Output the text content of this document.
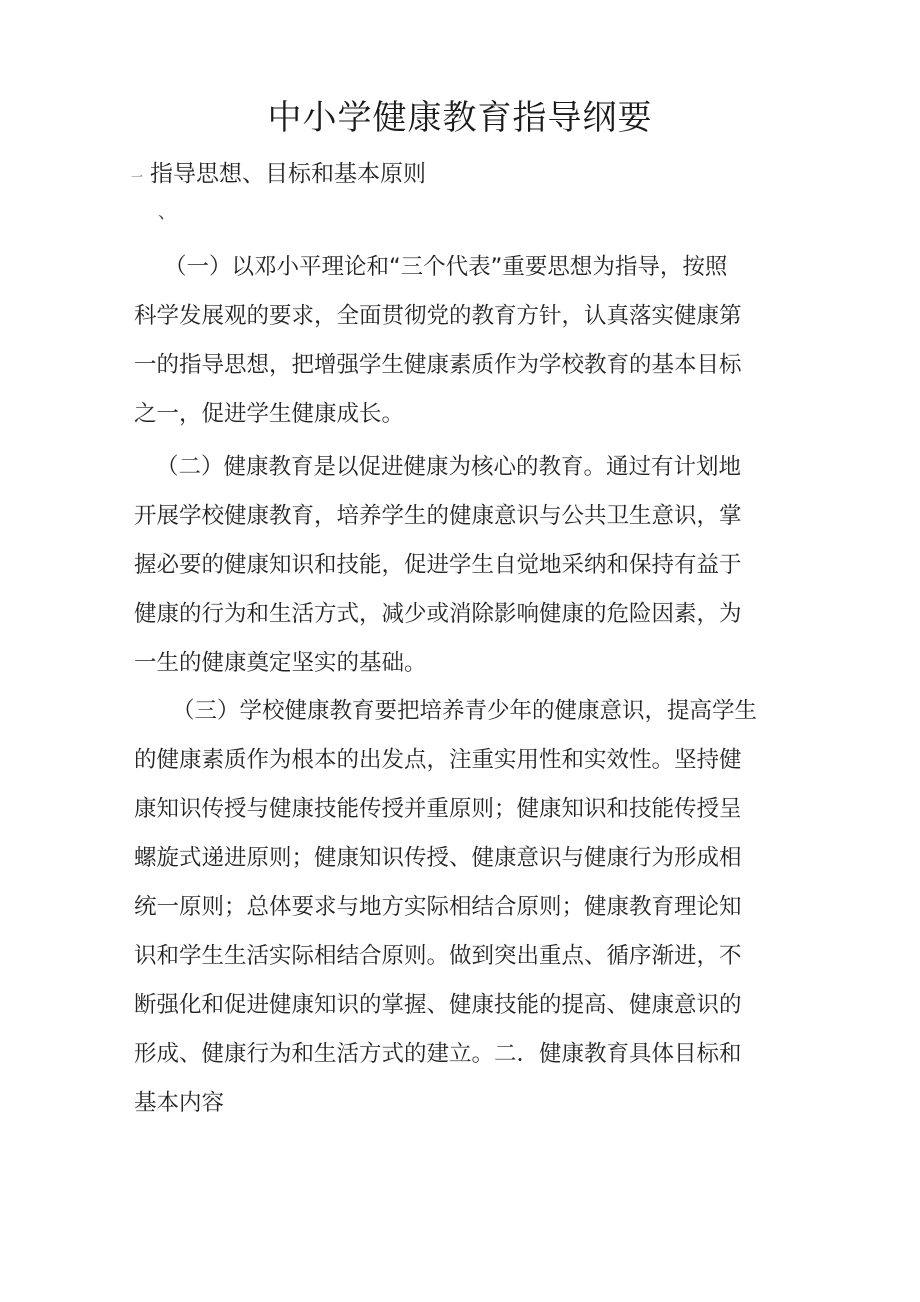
中小学健康教育指导纲要
一 指导思想、目标和基本原则
、
（一）以邓小平理论和“三个代表”重要思想为指导，按照
科学发展观的要求，全面贯彻党的教育方针，认真落实健康第
一的指导思想，把增强学生健康素质作为学校教育的基本目标
之一，促进学生健康成长。
（二）健康教育是以促进健康为核心的教育。通过有计划地
开展学校健康教育，培养学生的健康意识与公共卫生意识，掌
握必要的健康知识和技能，促进学生自觉地采纳和保持有益于
健康的行为和生活方式，减少或消除影响健康的危险因素，为
一生的健康奠定坚实的基础。
（三）学校健康教育要把培养青少年的健康意识，提高学生
的健康素质作为根本的出发点，注重实用性和实效性。坚持健
康知识传授与健康技能传授并重原则；健康知识和技能传授呈
螺旋式递进原则；健康知识传授、健康意识与健康行为形成相
统一原则；总体要求与地方实际相结合原则；健康教育理论知
识和学生生活实际相结合原则。做到突出重点、循序渐进，不
断强化和促进健康知识的掌握、健康技能的提高、健康意识的
形成、健康行为和生活方式的建立。二．健康教育具体目标和
基本内容
